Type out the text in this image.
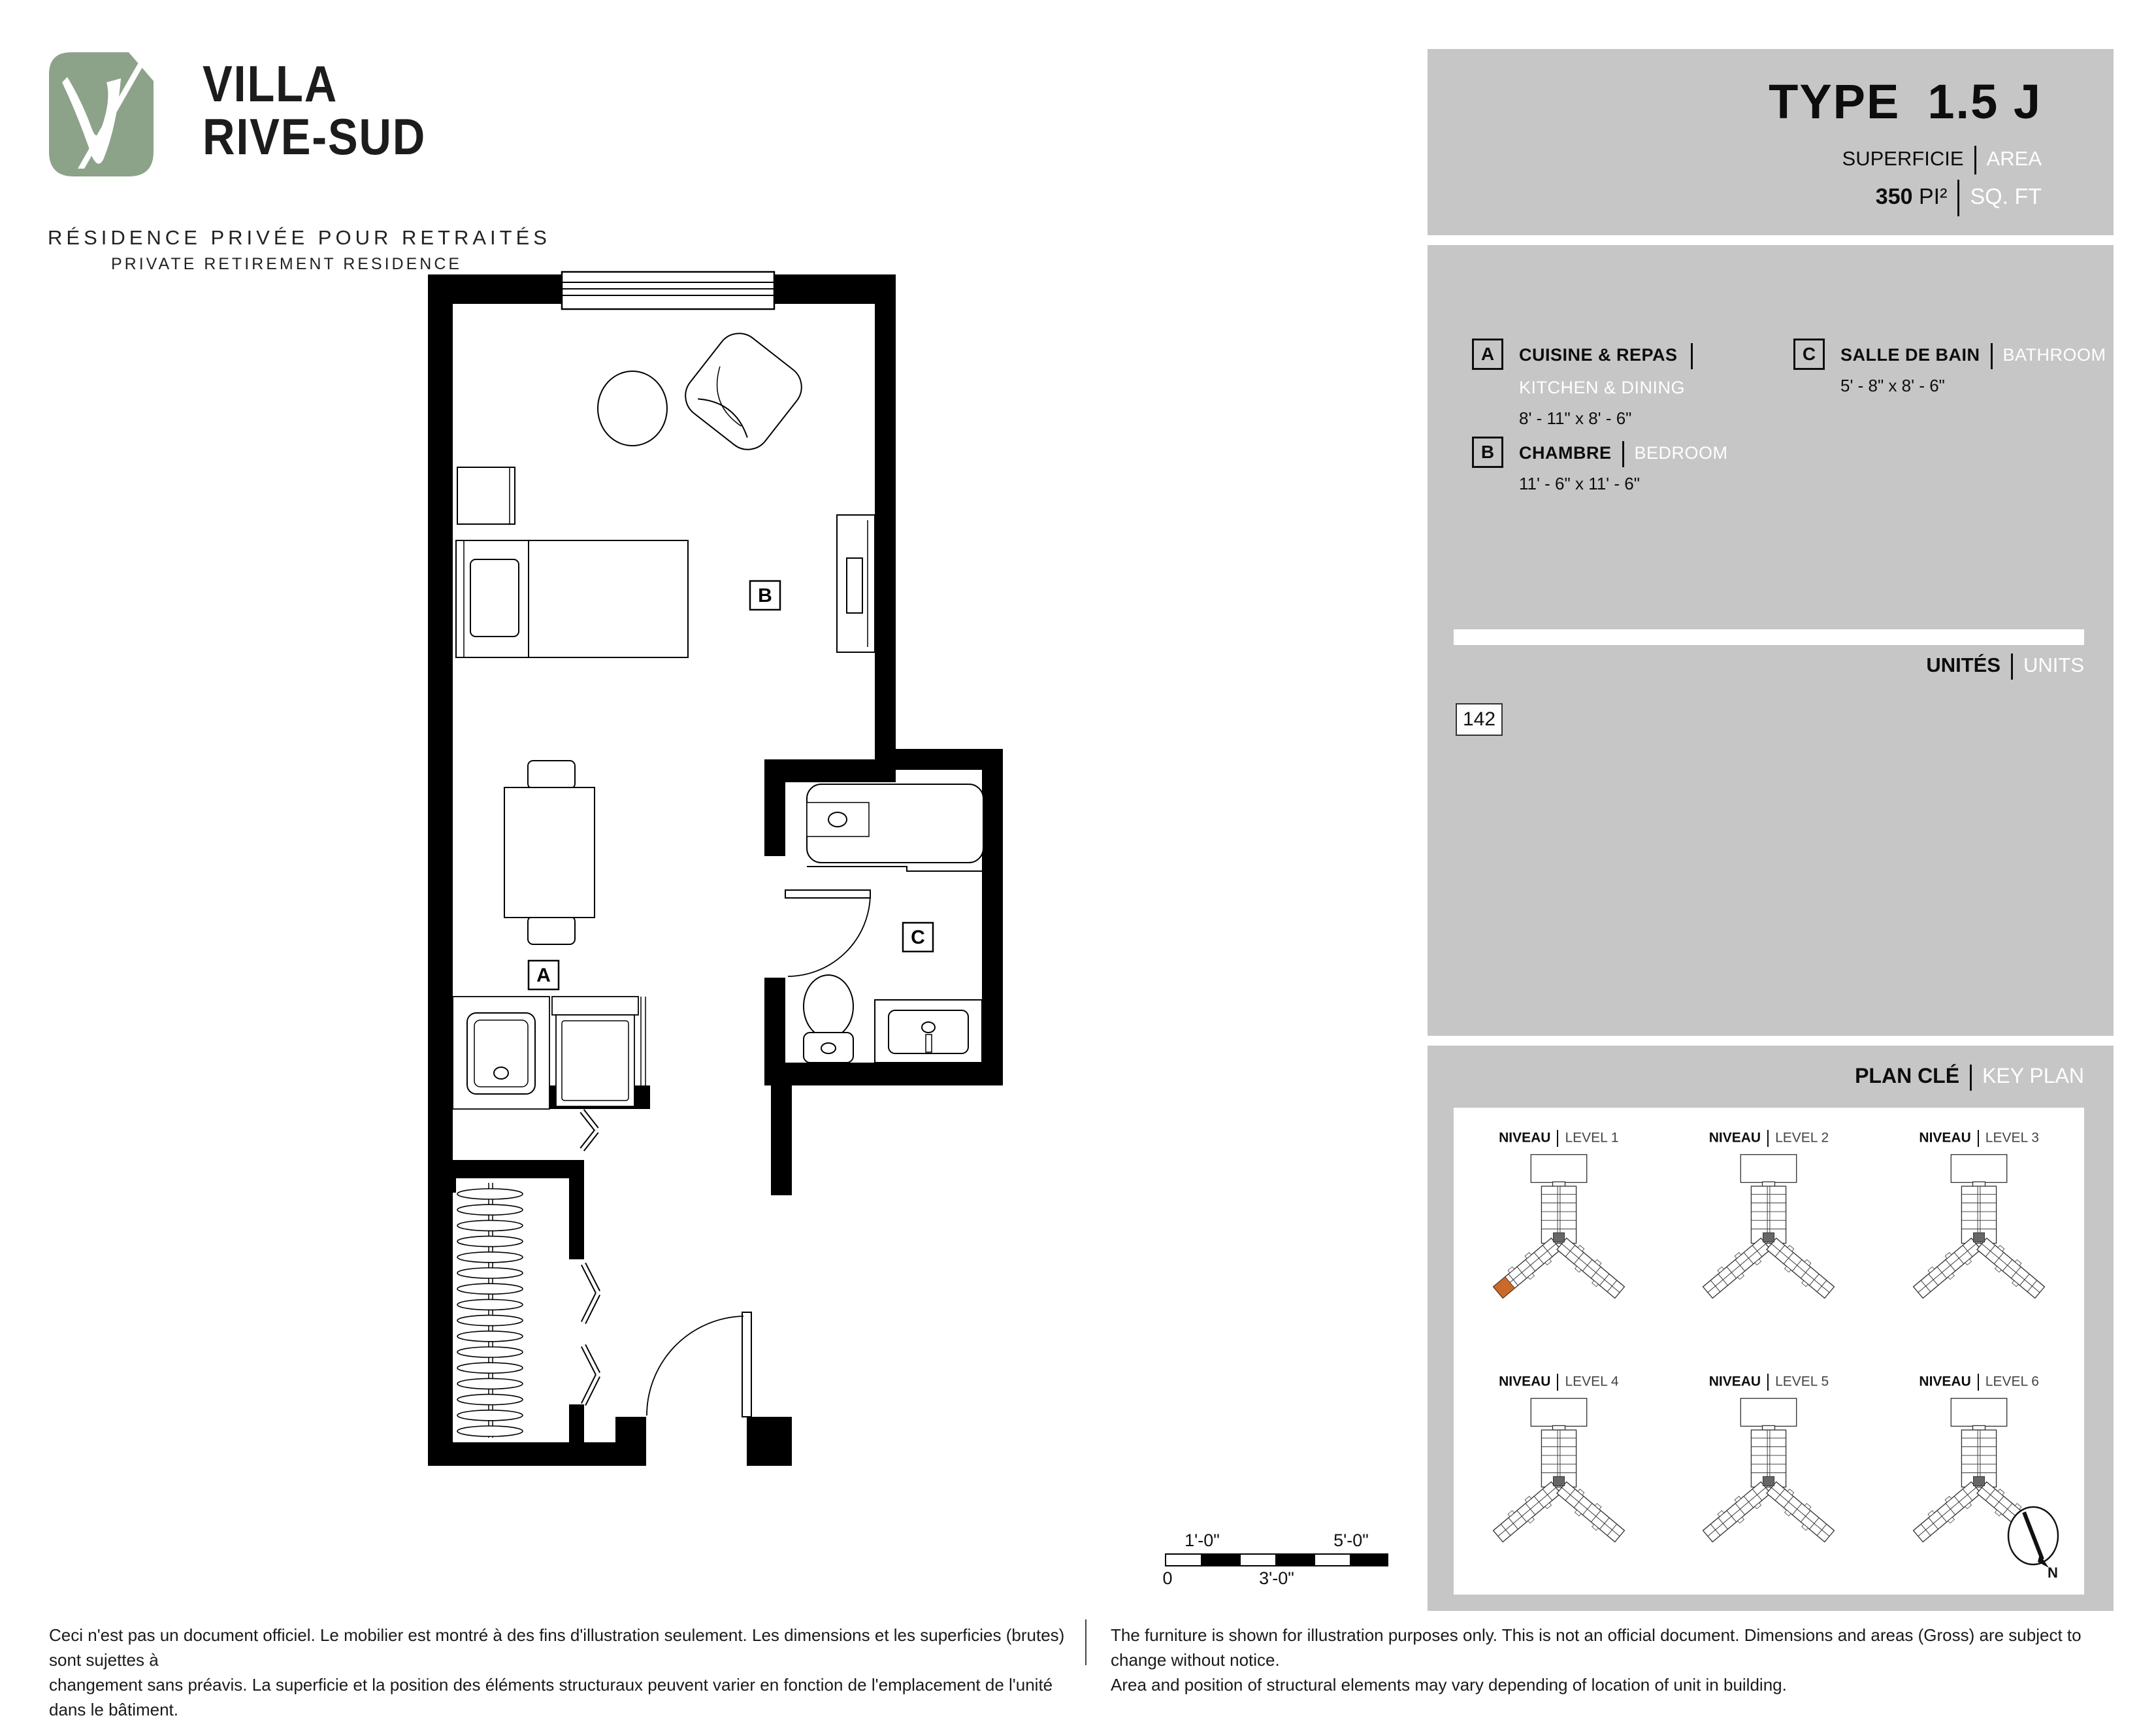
VILLA
RIVE-SUD
RÉSIDENCE PRIVÉE POUR RETRAITÉS
PRIVATE RETIREMENT RESIDENCE
TYPE 1.5 J
SUPERFICIE AREA
350 PI² SQ. FT
A	CUISINE & REPAS
KITCHEN & DINING
8' - 11" x 8' - 6"
B	CHAMBRE BEDROOM
11' - 6" x 11' - 6"
C	SALLE DE BAIN BATHROOM
5' - 8" x 8' - 6"
UNITÉS UNITS
142
PLAN CLÉ KEY PLAN
NIVEAU LEVEL 1	NIVEAU LEVEL 2	NIVEAU LEVEL 3
NIVEAU LEVEL 4	NIVEAU LEVEL 5	NIVEAU LEVEL 6
N
A
B
C
1'-0"	5'-0"
0	3'-0"
Ceci n'est pas un document officiel. Le mobilier est montré à des fins d'illustration seulement. Les dimensions et les superficies (brutes) sont sujettes à
changement sans préavis. La superficie et la position des éléments structuraux peuvent varier en fonction de l'emplacement de l'unité dans le bâtiment.
The furniture is shown for illustration purposes only. This is not an official document. Dimensions and areas (Gross) are subject to change without notice.
Area and position of structural elements may vary depending of location of unit in building.
